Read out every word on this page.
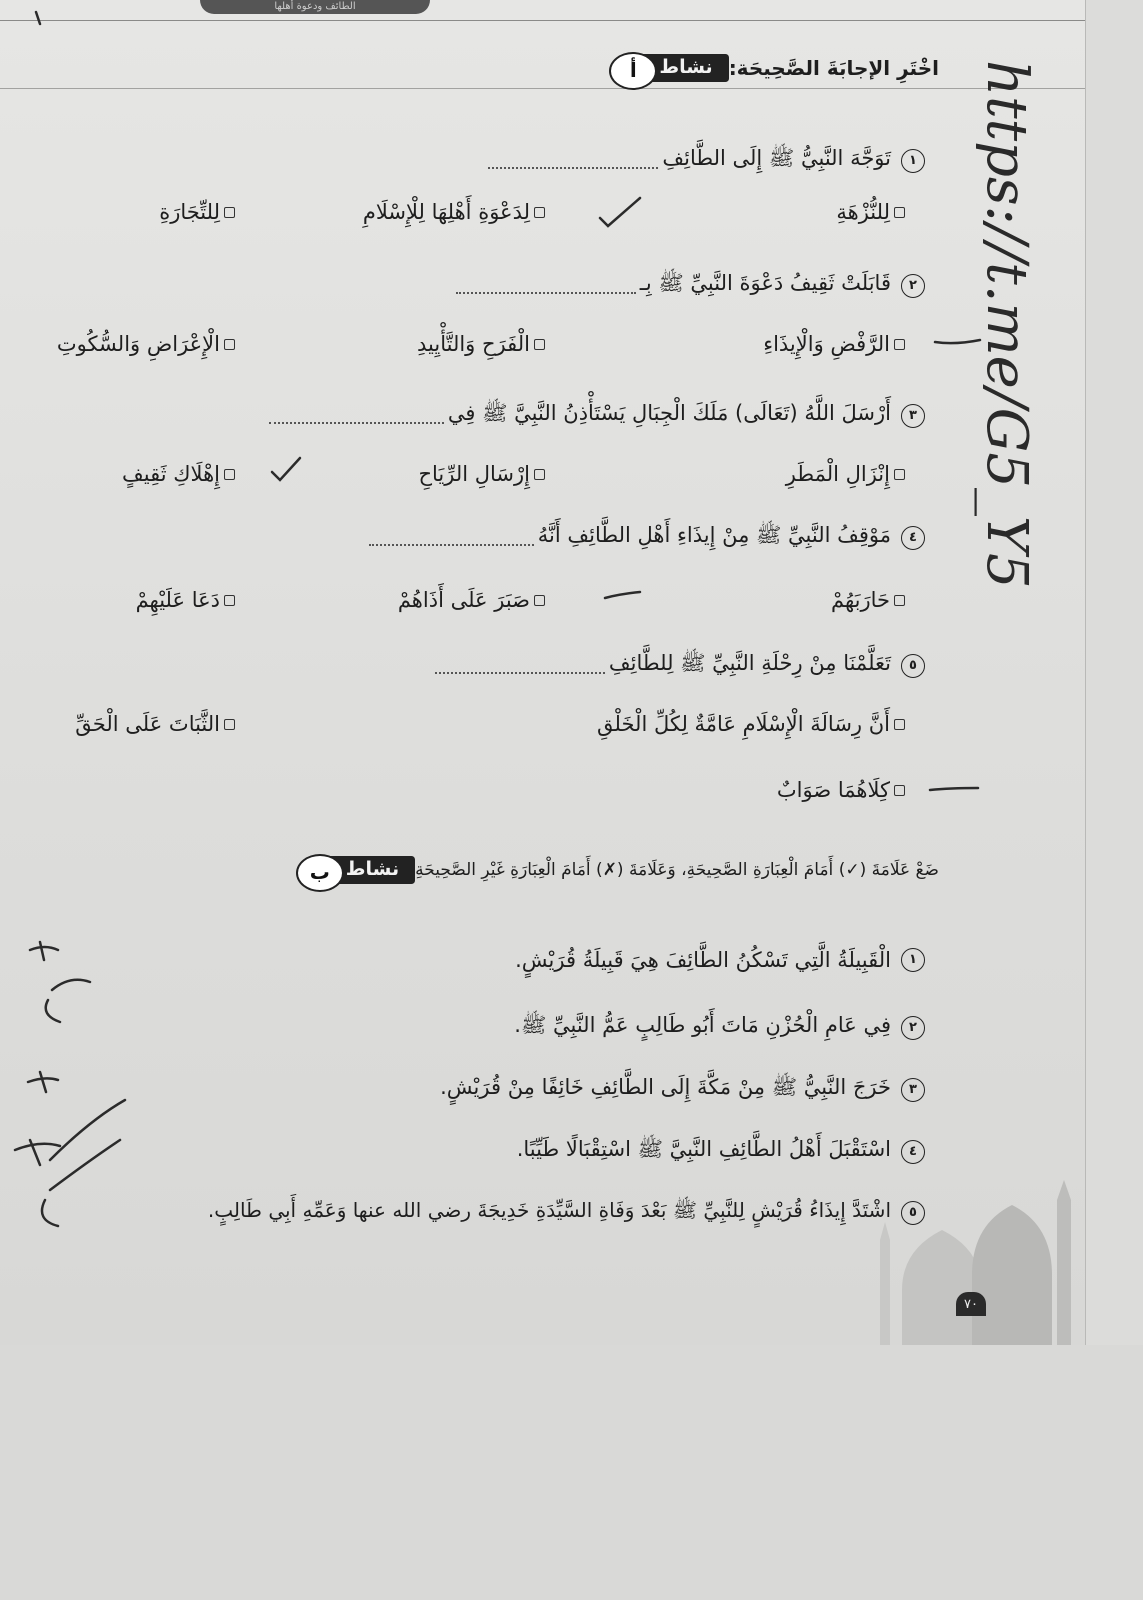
الطائف ودعوة أهلها
نشاط
أ	اخْتَرِ الإجابَةَ الصَّحِيحَة:
١
تَوَجَّهَ النَّبِيُّ ﷺ إِلَى الطَّائِفِ
لِلنُّزْهَةِ
لِدَعْوَةِ أَهْلِهَا لِلْإِسْلَامِ
لِلتِّجَارَةِ
٢
قَابَلَتْ ثَقِيفُ دَعْوَةَ النَّبِيِّ ﷺ بِـ
الرَّفْضِ وَالْإِيذَاءِ
الْفَرَحِ وَالتَّأْيِيدِ
الْإِعْرَاضِ وَالسُّكُوتِ
٣
أَرْسَلَ اللَّهُ (تَعَالَى) مَلَكَ الْجِبَالِ يَسْتَأْذِنُ النَّبِيَّ ﷺ فِي
إِنْزَالِ الْمَطَرِ
إِرْسَالِ الرِّيَاحِ
إِهْلَاكِ ثَقِيفٍ
٤
مَوْقِفُ النَّبِيِّ ﷺ مِنْ إِيذَاءِ أَهْلِ الطَّائِفِ أَنَّهُ
حَارَبَهُمْ
صَبَرَ عَلَى أَذَاهُمْ
دَعَا عَلَيْهِمْ
٥
تَعَلَّمْنَا مِنْ رِحْلَةِ النَّبِيِّ ﷺ لِلطَّائِفِ
أَنَّ رِسَالَةَ الْإِسْلَامِ عَامَّةٌ لِكُلِّ الْخَلْقِ
الثَّبَاتَ عَلَى الْحَقِّ
كِلَاهُمَا صَوَابٌ
نشاط
ب	ضَعْ عَلَامَةَ (✓) أَمَامَ الْعِبَارَةِ الصَّحِيحَةِ، وَعَلَامَةَ (✗) أَمَامَ الْعِبَارَةِ غَيْرِ الصَّحِيحَةِ
١
الْقَبِيلَةُ الَّتِي تَسْكُنُ الطَّائِفَ هِيَ قَبِيلَةُ قُرَيْشٍ.
٢
فِي عَامِ الْحُزْنِ مَاتَ أَبُو طَالِبٍ عَمُّ النَّبِيِّ ﷺ.
٣
خَرَجَ النَّبِيُّ ﷺ مِنْ مَكَّةَ إِلَى الطَّائِفِ خَائِفًا مِنْ قُرَيْشٍ.
٤
اسْتَقْبَلَ أَهْلُ الطَّائِفِ النَّبِيَّ ﷺ اسْتِقْبَالًا طَيِّبًا.
٥
اشْتَدَّ إِيذَاءُ قُرَيْشٍ لِلنَّبِيِّ ﷺ بَعْدَ وَفَاةِ السَّيِّدَةِ خَدِيجَةَ رضي الله عنها وَعَمِّهِ أَبِي طَالِبٍ.
٧٠
https://t.me/G5_Y5
